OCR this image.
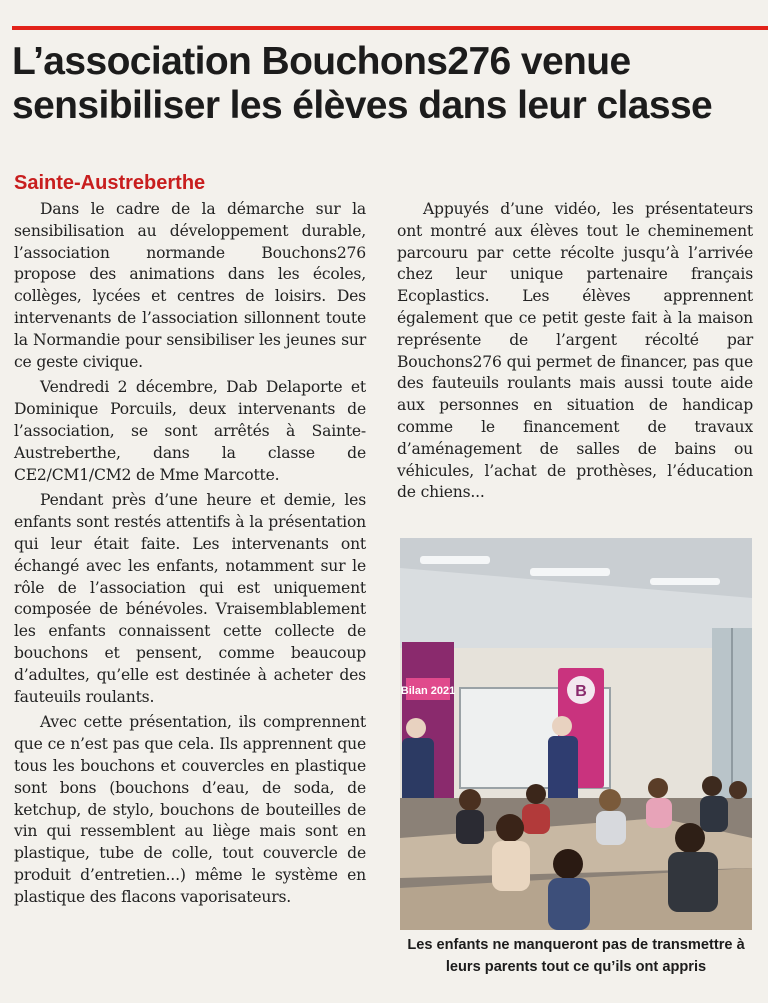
L’association Bouchons276 venue sensibiliser les élèves dans leur classe
Sainte-Austreberthe

Dans le cadre de la démarche sur la sensibilisation au développement durable, l’association normande Bouchons276 propose des animations dans les écoles, collèges, lycées et centres de loisirs. Des intervenants de l’association sillonnent toute la Normandie pour sensibiliser les jeunes sur ce geste civique.

Vendredi 2 décembre, Dab Delaporte et Dominique Porcuils, deux intervenants de l’association, se sont arrêtés à Sainte-Austreberthe, dans la classe de CE2/CM1/CM2 de Mme Marcotte.

Pendant près d’une heure et demie, les enfants sont restés attentifs à la présentation qui leur était faite. Les intervenants ont échangé avec les enfants, notamment sur le rôle de l’association qui est uniquement composée de bénévoles. Vraisemblablement les enfants connaissent cette collecte de bouchons et pensent, comme beaucoup d’adultes, qu’elle est destinée à acheter des fauteuils roulants.

Avec cette présentation, ils comprennent que ce n’est pas que cela. Ils apprennent que tous les bouchons et couvercles en plastique sont bons (bouchons d’eau, de soda, de ketchup, de stylo, bouchons de bouteilles de vin qui ressemblent au liège mais sont en plastique, tube de colle, tout couvercle de produit d’entretien...) même le système en plastique des flacons vaporisateurs.

Appuyés d’une vidéo, les présentateurs ont montré aux élèves tout le cheminement parcouru par cette récolte jusqu’à l’arrivée chez leur unique partenaire français Ecoplastics. Les élèves apprennent également que ce petit geste fait à la maison représente de l’argent récolté par Bouchons276 qui permet de financer, pas que des fauteuils roulants mais aussi toute aide aux personnes en situation de handicap comme le financement de travaux d’aménagement de salles de bains ou véhicules, l’achat de prothèses, l’éducation de chiens...

Bilan 2021	B
Les enfants ne manqueront pas de transmettre à leurs parents tout ce qu’ils ont appris
